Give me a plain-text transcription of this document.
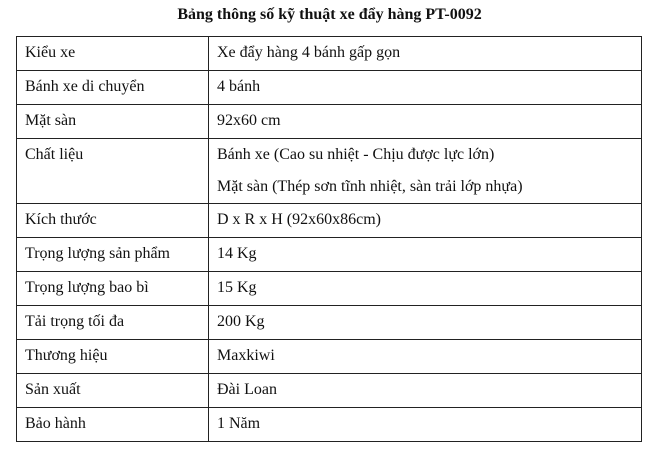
Bảng thông số kỹ thuật xe đẩy hàng PT-0092
Kiểu xe	Xe đẩy hàng 4 bánh gấp gọn

Bánh xe di chuyển	4 bánh

Mặt sàn	92x60 cm

Chất liệu	Bánh xe (Cao su nhiệt - Chịu được lực lớn)
Mặt sàn (Thép sơn tĩnh nhiệt, sàn trải lớp nhựa)

Kích thước	D x R x H (92x60x86cm)

Trọng lượng sản phẩm	14 Kg

Trọng lượng bao bì	15 Kg

Tải trọng tối đa	200 Kg

Thương hiệu	Maxkiwi

Sản xuất	Đài Loan

Bảo hành	1 Năm
